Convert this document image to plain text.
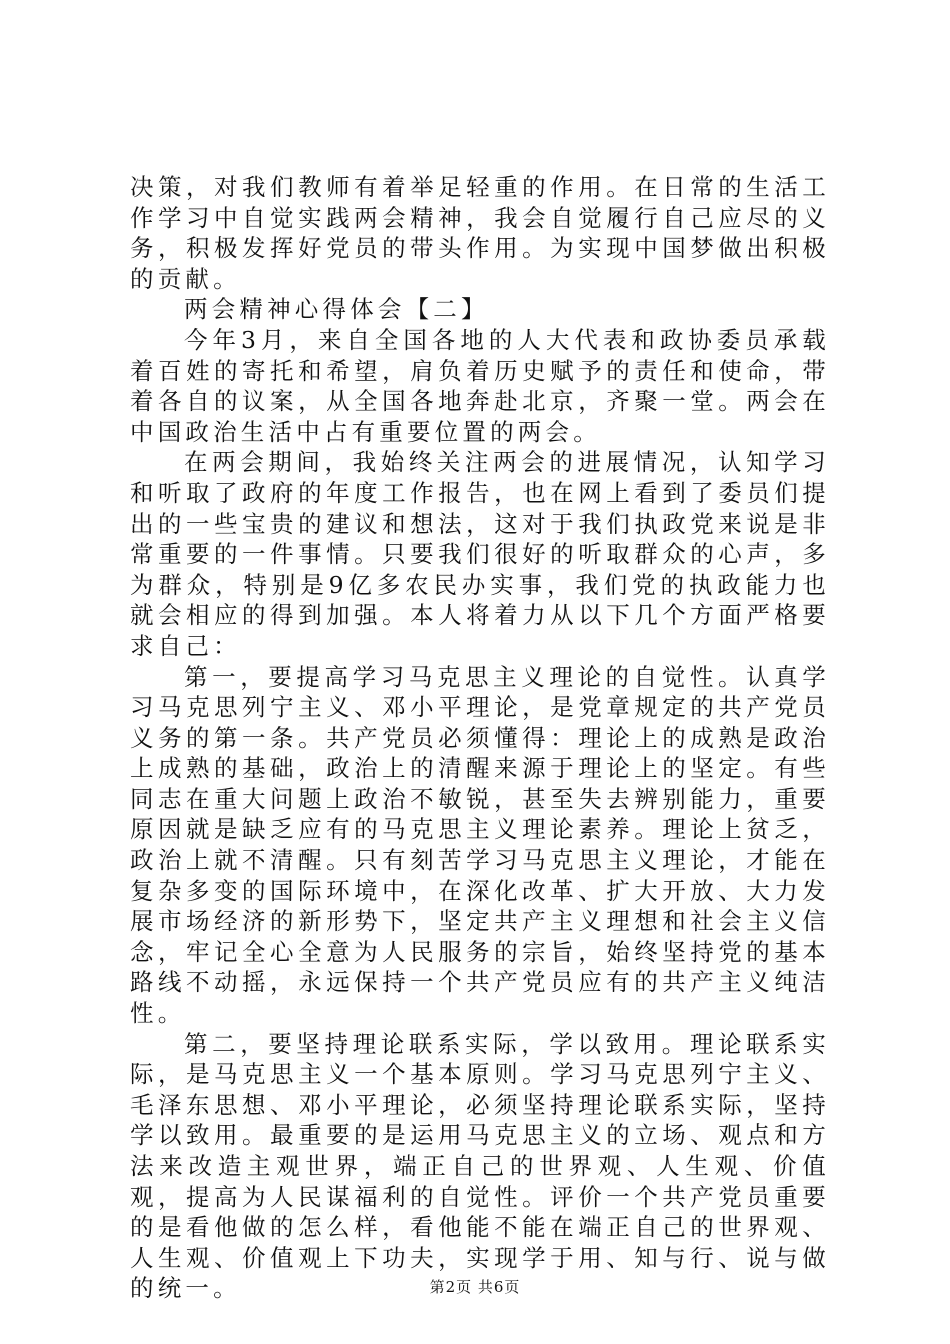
决策，对我们教师有着举足轻重的作用。在日常的生活工作学习中自觉实践两会精神，我会自觉履行自己应尽的义务，积极发挥好党员的带头作用。为实现中国梦做出积极的贡献。

两会精神心得体会【二】

今年3月，来自全国各地的人大代表和政协委员承载着百姓的寄托和希望，肩负着历史赋予的责任和使命，带着各自的议案，从全国各地奔赴北京，齐聚一堂。两会在中国政治生活中占有重要位置的两会。

在两会期间，我始终关注两会的进展情况，认知学习和听取了政府的年度工作报告，也在网上看到了委员们提出的一些宝贵的建议和想法，这对于我们执政党来说是非常重要的一件事情。只要我们很好的听取群众的心声，多为群众，特别是9亿多农民办实事，我们党的执政能力也就会相应的得到加强。本人将着力从以下几个方面严格要求自己：

第一，要提高学习马克思主义理论的自觉性。认真学习马克思列宁主义、邓小平理论，是党章规定的共产党员义务的第一条。共产党员必须懂得：理论上的成熟是政治上成熟的基础，政治上的清醒来源于理论上的坚定。有些同志在重大问题上政治不敏锐，甚至失去辨别能力，重要原因就是缺乏应有的马克思主义理论素养。理论上贫乏，政治上就不清醒。只有刻苦学习马克思主义理论，才能在复杂多变的国际环境中，在深化改革、扩大开放、大力发展市场经济的新形势下，坚定共产主义理想和社会主义信念，牢记全心全意为人民服务的宗旨，始终坚持党的基本路线不动摇，永远保持一个共产党员应有的共产主义纯洁性。

第二，要坚持理论联系实际，学以致用。理论联系实际，是马克思主义一个基本原则。学习马克思列宁主义、毛泽东思想、邓小平理论，必须坚持理论联系实际，坚持学以致用。最重要的是运用马克思主义的立场、观点和方法来改造主观世界，端正自己的世界观、人生观、价值观，提高为人民谋福利的自觉性。评价一个共产党员重要的是看他做的怎么样，看他能不能在端正自己的世界观、人生观、价值观上下功夫，实现学于用、知与行、说与做的统一。	第2页 共6页
